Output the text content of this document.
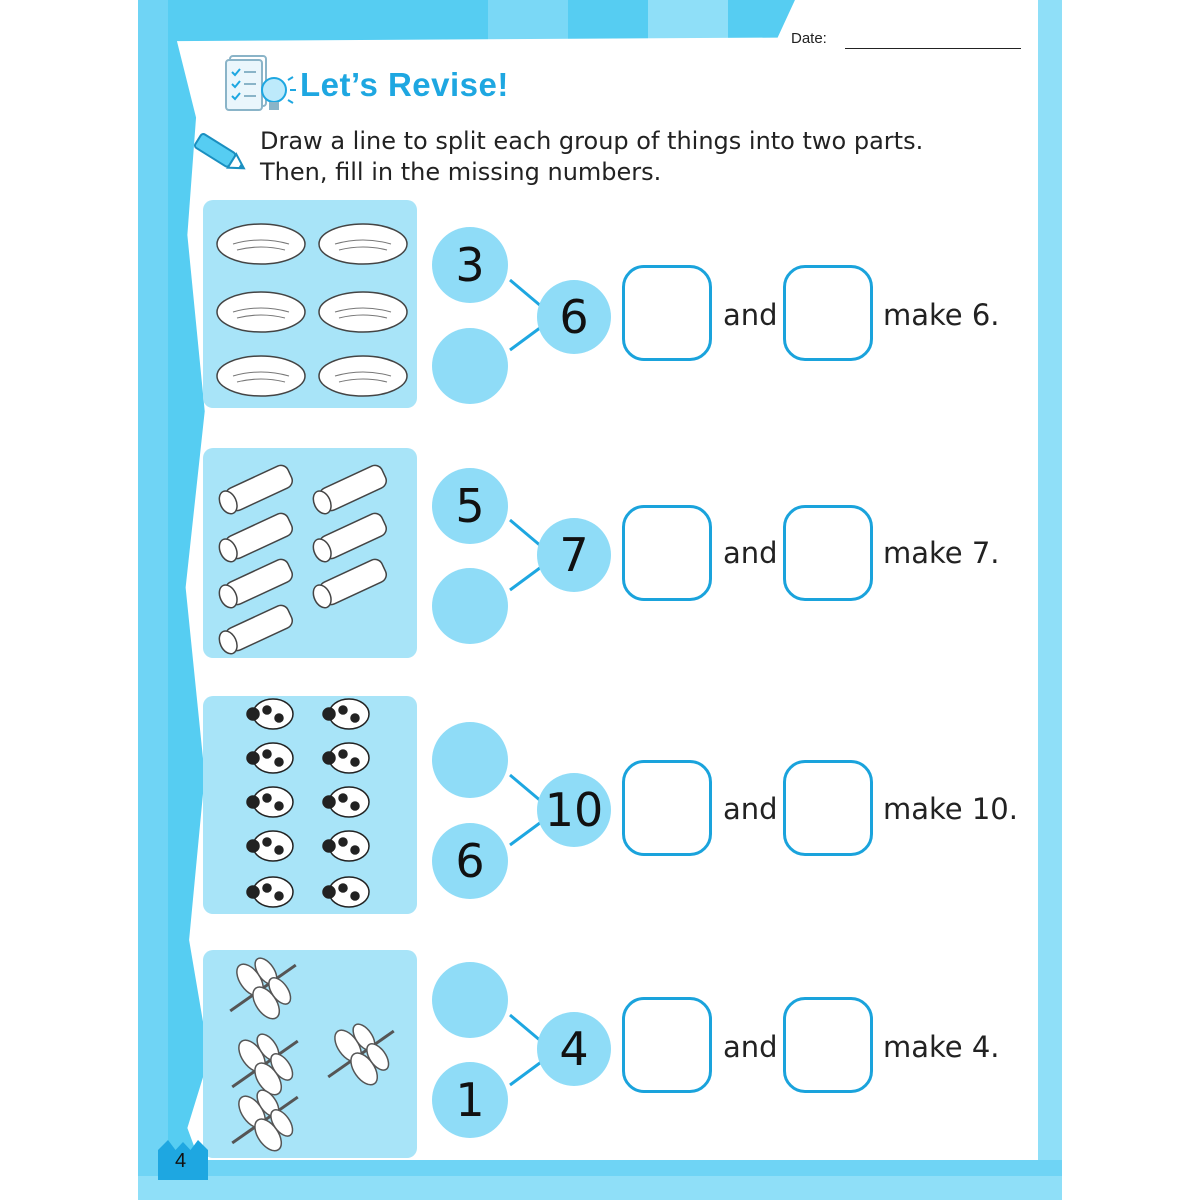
Date:
Let’s Revise!
Draw a line to split each group of things into two parts.
Then, fill in the missing numbers.
3
6	and	make 6.
5
7	and	make 7.
6
10	and	make 10.
1
4	and	make 4.
4
